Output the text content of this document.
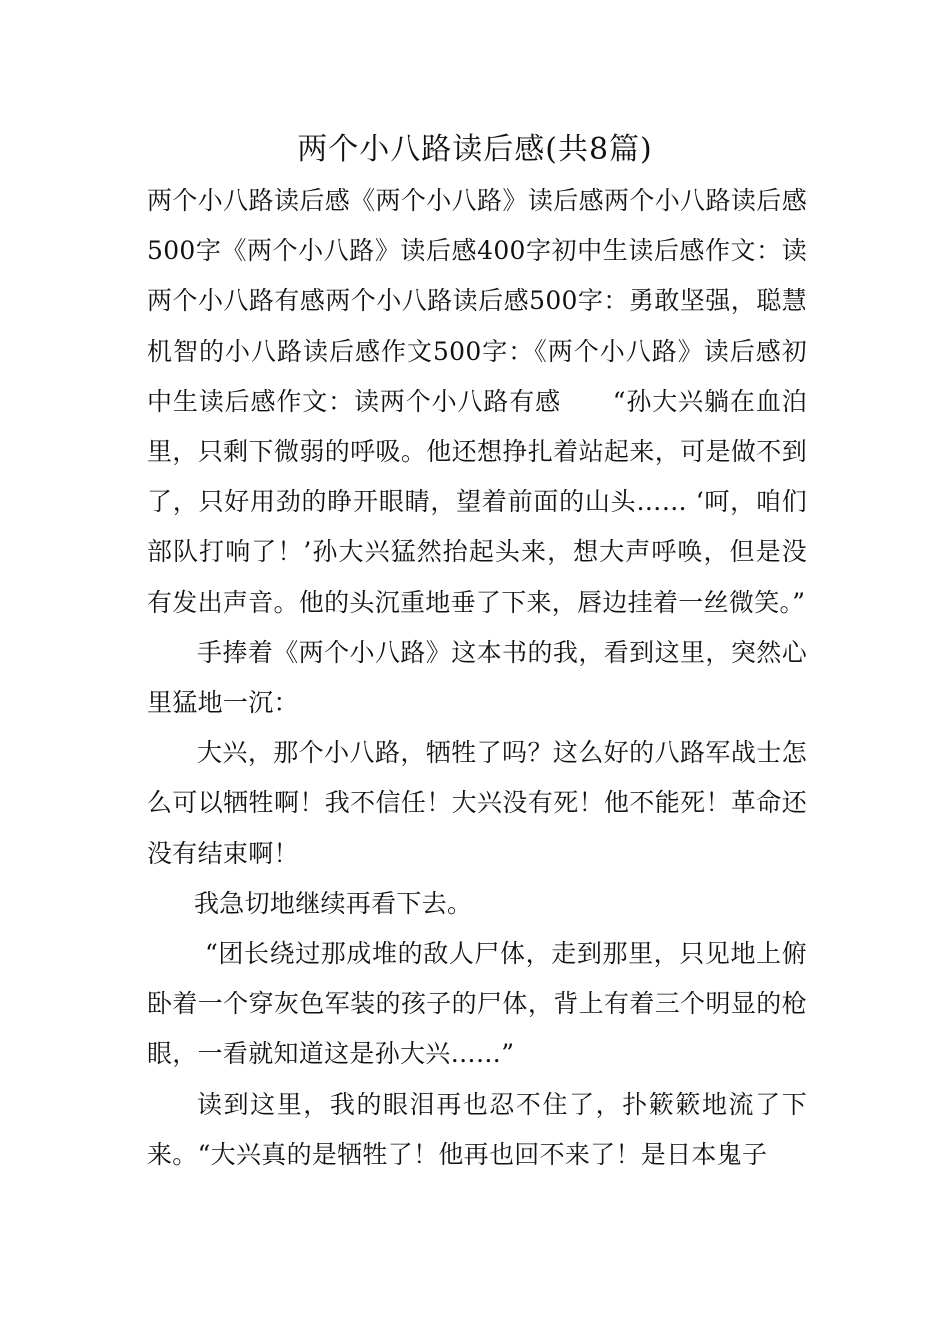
两个小八路读后感(共8篇)

两个小八路读后感《两个小八路》读后感两个小八路读后感500字《两个小八路》读后感400字初中生读后感作文：读两个小八路有感两个小八路读后感500字：勇敢坚强，聪慧机智的小八路读后感作文500字：《两个小八路》读后感初中生读后感作文：读两个小八路有感　　“孙大兴躺在血泊里，只剩下微弱的呼吸。他还想挣扎着站起来，可是做不到了，只好用劲的睁开眼睛，望着前面的山头…… ‘呵，咱们部队打响了！’孙大兴猛然抬起头来，想大声呼唤，但是没有发出声音。他的头沉重地垂了下来，唇边挂着一丝微笑。”

手捧着《两个小八路》这本书的我，看到这里，突然心里猛地一沉：

大兴，那个小八路，牺牲了吗？这么好的八路军战士怎么可以牺牲啊！我不信任！大兴没有死！他不能死！革命还没有结束啊！

我急切地继续再看下去。

“团长绕过那成堆的敌人尸体，走到那里，只见地上俯卧着一个穿灰色军装的孩子的尸体，背上有着三个明显的枪眼，一看就知道这是孙大兴……”

读到这里，我的眼泪再也忍不住了，扑簌簌地流了下来。“大兴真的是牺牲了！他再也回不来了！是日本鬼子
